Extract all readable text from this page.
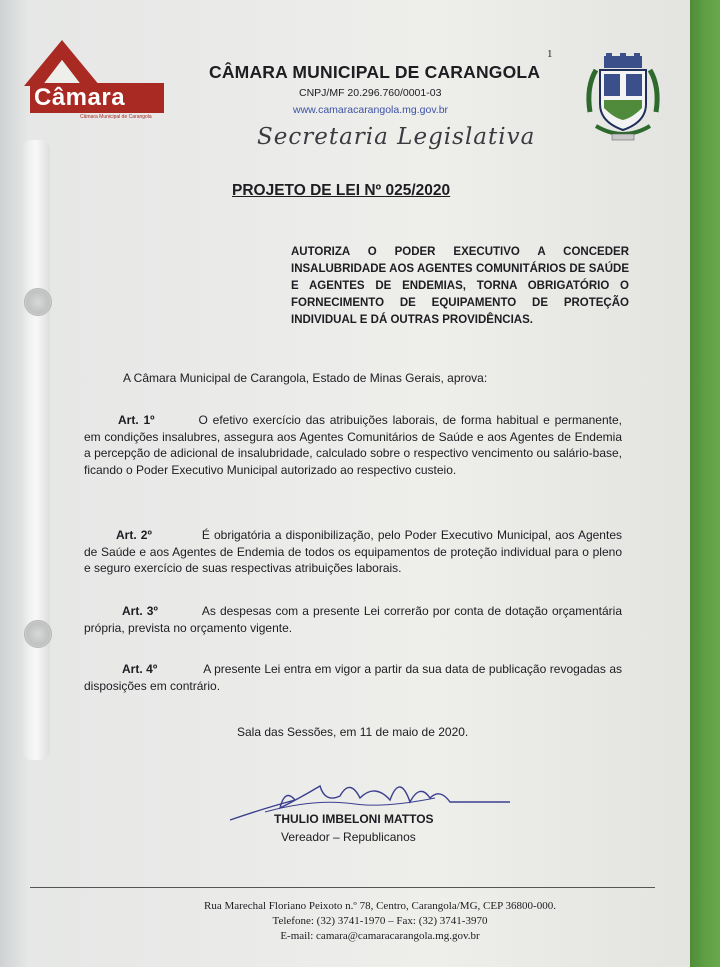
1
Câmara
Câmara Municipal de Carangola
CÂMARA MUNICIPAL DE CARANGOLA
CNPJ/MF 20.296.760/0001-03
www.camaracarangola.mg.gov.br
Secretaria Legislativa
PROJETO DE LEI Nº 025/2020
AUTORIZA O PODER EXECUTIVO A CONCEDER INSALUBRIDADE AOS AGENTES COMUNITÁRIOS DE SAÚDE E AGENTES DE ENDEMIAS, TORNA OBRIGATÓRIO O FORNECIMENTO DE EQUIPAMENTO DE PROTEÇÃO INDIVIDUAL E DÁ OUTRAS PROVIDÊNCIAS.
A Câmara Municipal de Carangola, Estado de Minas Gerais, aprova:
Art. 1º	O efetivo exercício das atribuições laborais, de forma habitual e permanente, em condições insalubres, assegura aos Agentes Comunitários de Saúde e aos Agentes de Endemia a percepção de adicional de insalubridade, calculado sobre o respectivo vencimento ou salário-base, ficando o Poder Executivo Municipal autorizado ao respectivo custeio.
Art. 2º	É obrigatória a disponibilização, pelo Poder Executivo Municipal, aos Agentes de Saúde e aos Agentes de Endemia de todos os equipamentos de proteção individual para o pleno e seguro exercício de suas respectivas atribuições laborais.
Art. 3º	As despesas com a presente Lei correrão por conta de dotação orçamentária própria, prevista no orçamento vigente.
Art. 4º	A presente Lei entra em vigor a partir da sua data de publicação revogadas as disposições em contrário.
Sala das Sessões, em 11 de maio de 2020.
THULIO IMBELONI MATTOS
Vereador – Republicanos
Rua Marechal Floriano Peixoto n.º 78, Centro, Carangola/MG, CEP 36800-000.
Telefone: (32) 3741-1970 – Fax: (32) 3741-3970
E-mail: camara@camaracarangola.mg.gov.br
